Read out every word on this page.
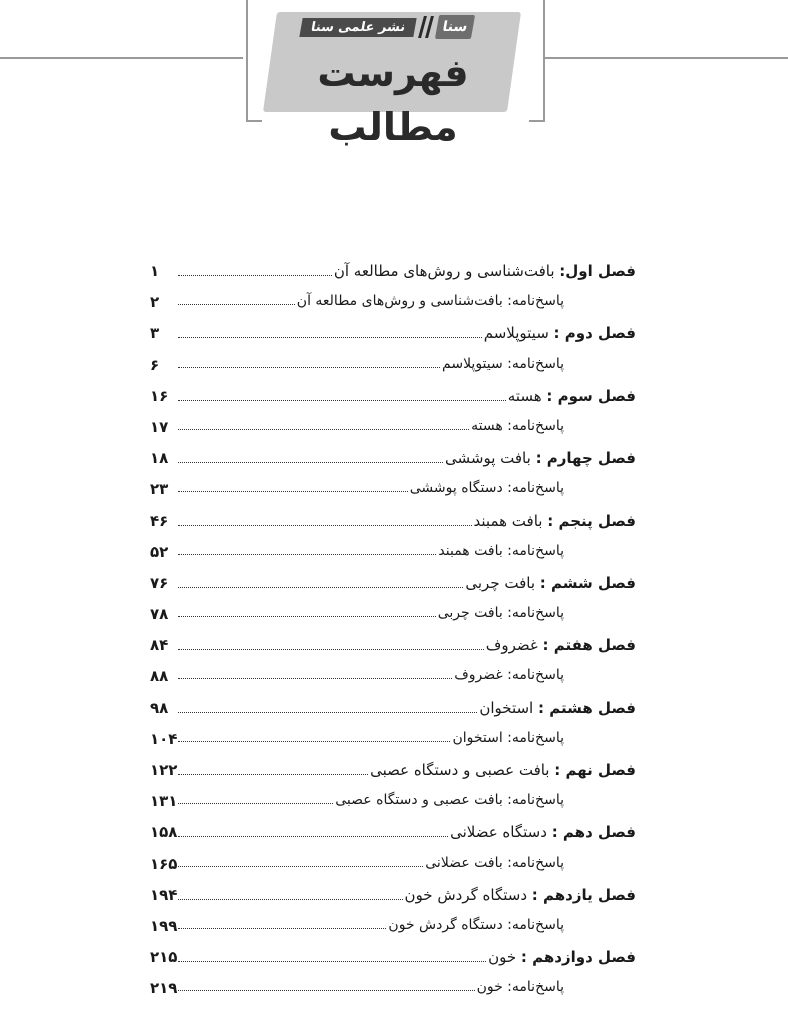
سنا
نشر علمی سنا
فهرست مطالب
فصل اول: بافت‌شناسی و روش‌های مطالعه آن
۱
پاسخ‌نامه: بافت‌شناسی و روش‌های مطالعه آن
۲
فصل دوم : سیتوپلاسم
۳
پاسخ‌نامه: سیتوپلاسم
۶
فصل سوم : هسته
۱۶
پاسخ‌نامه: هسته
۱۷
فصل چهارم : بافت پوششی
۱۸
پاسخ‌نامه: دستگاه پوششی
۲۳
فصل پنجم : بافت همبند
۴۶
پاسخ‌نامه: بافت همبند
۵۲
فصل ششم : بافت چربی
۷۶
پاسخ‌نامه: بافت چربی
۷۸
فصل هفتم : غضروف
۸۴
پاسخ‌نامه: غضروف
۸۸
فصل هشتم : استخوان
۹۸
پاسخ‌نامه: استخوان
۱۰۴
فصل نهم : بافت عصبی و دستگاه عصبی
۱۲۲
پاسخ‌نامه: بافت عصبی و دستگاه عصبی
۱۳۱
فصل دهم : دستگاه عضلانی
۱۵۸
پاسخ‌نامه: بافت عضلانی
۱۶۵
فصل یازدهم : دستگاه گردش خون
۱۹۴
پاسخ‌نامه: دستگاه گردش خون
۱۹۹
فصل دوازدهم : خون
۲۱۵
پاسخ‌نامه: خون
۲۱۹
